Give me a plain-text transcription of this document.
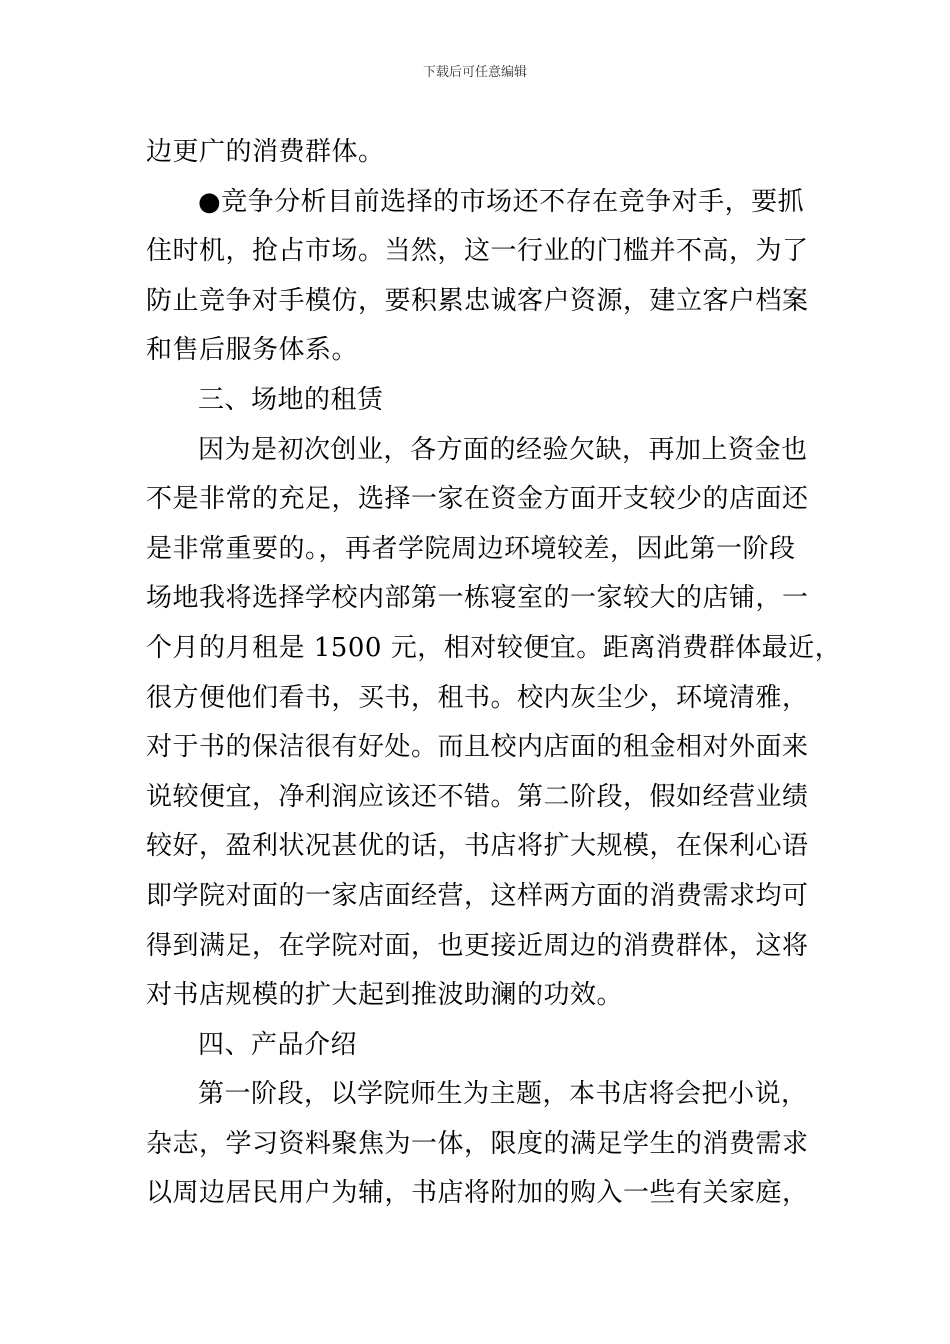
下载后可任意编辑
边更广的消费群体。
●竞争分析目前选择的市场还不存在竞争对手，要抓
住时机，抢占市场。当然，这一行业的门槛并不高，为了
防止竞争对手模仿，要积累忠诚客户资源，建立客户档案
和售后服务体系。
三、场地的租赁
因为是初次创业，各方面的经验欠缺，再加上资金也
不是非常的充足，选择一家在资金方面开支较少的店面还
是非常重要的。，再者学院周边环境较差，因此第一阶段
场地我将选择学校内部第一栋寝室的一家较大的店铺，一
个月的月租是 1500 元，相对较便宜。距离消费群体最近，
很方便他们看书，买书，租书。校内灰尘少，环境清雅，
对于书的保洁很有好处。而且校内店面的租金相对外面来
说较便宜，净利润应该还不错。第二阶段，假如经营业绩
较好，盈利状况甚优的话，书店将扩大规模，在保利心语
即学院对面的一家店面经营，这样两方面的消费需求均可
得到满足，在学院对面，也更接近周边的消费群体，这将
对书店规模的扩大起到推波助澜的功效。
四、产品介绍
第一阶段，以学院师生为主题，本书店将会把小说，
杂志，学习资料聚焦为一体，限度的满足学生的消费需求
以周边居民用户为辅，书店将附加的购入一些有关家庭，
